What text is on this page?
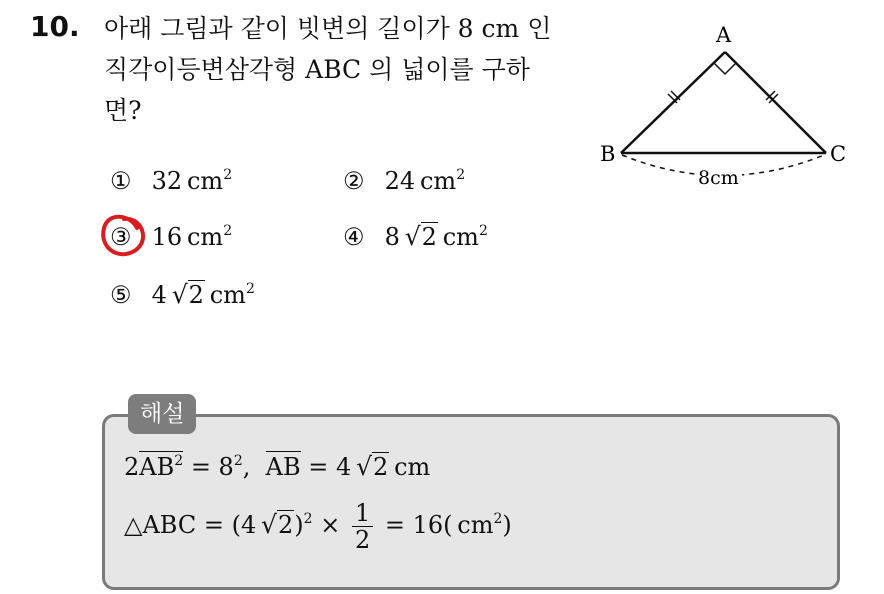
10. 아래 그림과 같이 빗변의 길이가 8 cm 인
직각이등변삼각형 ABC 의 넓이를 구하
면?
A
B	C
8cm
① 32  $cm^2$	② 24  $cm^2$
③ 16  $cm^2$	④ 8  √2  $cm^2$
⑤ 4  √2  $cm^2$
해설
$2AB^2 = 8^2$, AB = 4  √2  cm
△ABC = (4  $√2)^2 \times \frac{1}{2} = 16$(  $cm^2$)
